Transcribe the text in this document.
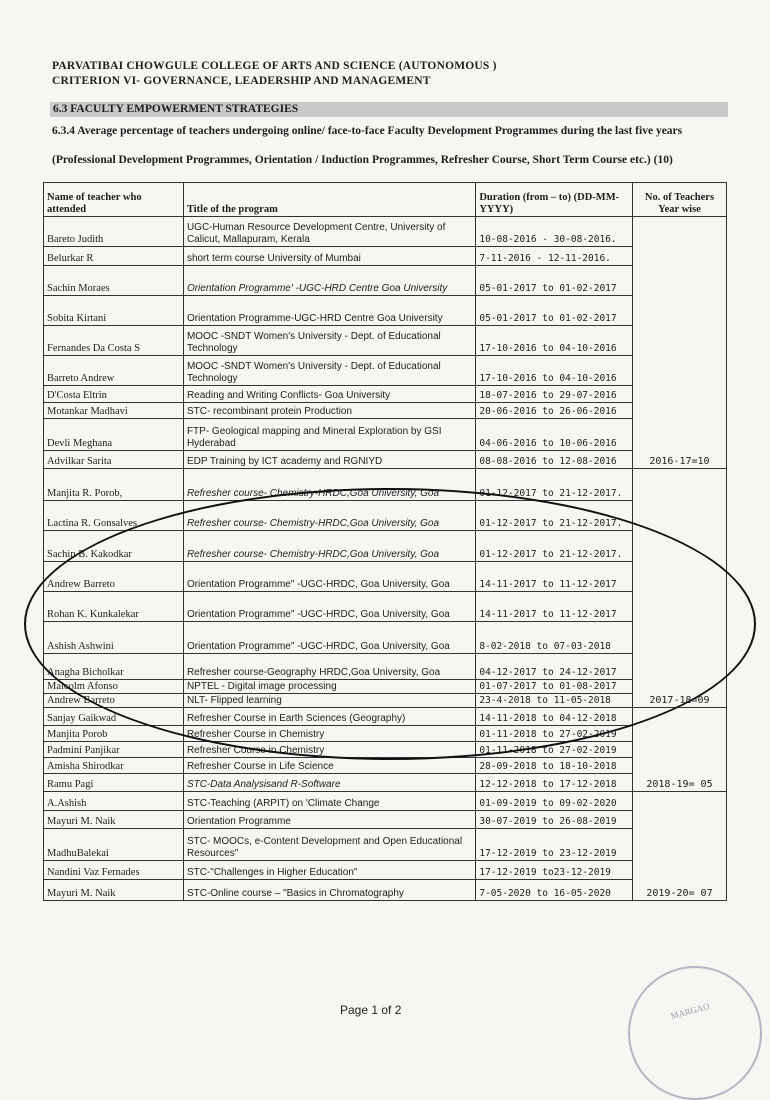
PARVATIBAI CHOWGULE COLLEGE OF ARTS AND SCIENCE (AUTONOMOUS )
CRITERION VI- GOVERNANCE, LEADERSHIP AND MANAGEMENT
6.3 FACULTY EMPOWERMENT STRATEGIES
6.3.4 Average percentage of teachers undergoing online/ face-to-face Faculty Development Programmes during the last five years
(Professional Development Programmes, Orientation / Induction Programmes, Refresher Course, Short Term Course etc.) (10)
Name of teacher who attended	Title of the program	Duration (from – to) (DD-MM-YYYY)	No. of Teachers Year wise
Bareto Judith	UGC-Human Resource Development Centre, University of Calicut, Mallapuram, Kerala	10-08-2016 - 30-08-2016.	2016-17=10
Belurkar R	short term course University of Mumbai	7-11-2016 - 12-11-2016.	
Sachin Moraes	Orientation Programme' -UGC-HRD Centre Goa University	05-01-2017 to 01-02-2017	
Sobita Kirtani	Orientation Programme-UGC-HRD Centre Goa University	05-01-2017 to 01-02-2017	
Fernandes Da Costa S	MOOC -SNDT Women's University - Dept. of Educational Technology	17-10-2016 to 04-10-2016	
Barreto Andrew	MOOC -SNDT Women's University - Dept. of Educational Technology	17-10-2016 to 04-10-2016	
D'Costa Eltrin	Reading and Writing Conflicts- Goa University	18-07-2016 to 29-07-2016	
Motankar Madhavi	STC- recombinant protein Production	20-06-2016 to 26-06-2016	
Devli Meghana	FTP- Geological mapping and Mineral Exploration by GSI Hyderabad	04-06-2016 to 10-06-2016	
Advilkar Sarita	EDP Training by ICT academy and RGNIYD	08-08-2016 to 12-08-2016	
Manjita R. Porob,	Refresher course- Chemistry-HRDC,Goa University, Goa	01-12-2017 to 21-12-2017.	2017-18=09
Lactina R. Gonsalves	Refresher course- Chemistry-HRDC,Goa University, Goa	01-12-2017 to 21-12-2017.	
Sachin B. Kakodkar	Refresher course- Chemistry-HRDC,Goa University, Goa	01-12-2017 to 21-12-2017.	
Andrew Barreto	Orientation Programme" -UGC-HRDC, Goa University, Goa	14-11-2017 to 11-12-2017	
Rohan K. Kunkalekar	Orientation Programme" -UGC-HRDC, Goa University, Goa	14-11-2017 to 11-12-2017	
Ashish Ashwini	Orientation Programme" -UGC-HRDC, Goa University, Goa	8-02-2018 to 07-03-2018	
Anagha Bicholkar	Refresher course-Geography HRDC,Goa University, Goa	04-12-2017 to 24-12-2017	
Malcolm Afonso	NPTEL - Digital image processing	01-07-2017 to 01-08-2017	
Andrew Barreto	NLT- Flipped learning	23-4-2018 to 11-05-2018	
Sanjay Gaikwad	Refresher Course in Earth Sciences (Geography)	14-11-2018 to 04-12-2018	2018-19= 05
Manjita Porob	Refresher Course in Chemistry	01-11-2018 to 27-02-2019	
Padmini Panjikar	Refresher Course in Chemistry	01-11-2018 to 27-02-2019	
Amisha Shirodkar	Refresher Course in Life Science	28-09-2018 to 18-10-2018	
Ramu Pagi	STC-Data Analysisand R-Software	12-12-2018 to 17-12-2018	
A.Ashish	STC-Teaching (ARPIT) on 'Climate Change	01-09-2019 to 09-02-2020	2019-20= 07
Mayuri M. Naik	Orientation Programme	30-07-2019 to 26-08-2019	
MadhuBalekai	STC- MOOCs, e-Content Development and Open Educational Resources"	17-12-2019 to 23-12-2019	
Nandini Vaz Fernades	STC-"Challenges in Higher Education"	17-12-2019 to23-12-2019	
Mayuri M. Naik	STC-Online course – "Basics in Chromatography	7-05-2020 to 16-05-2020	
Page 1 of 2	MARGAO
